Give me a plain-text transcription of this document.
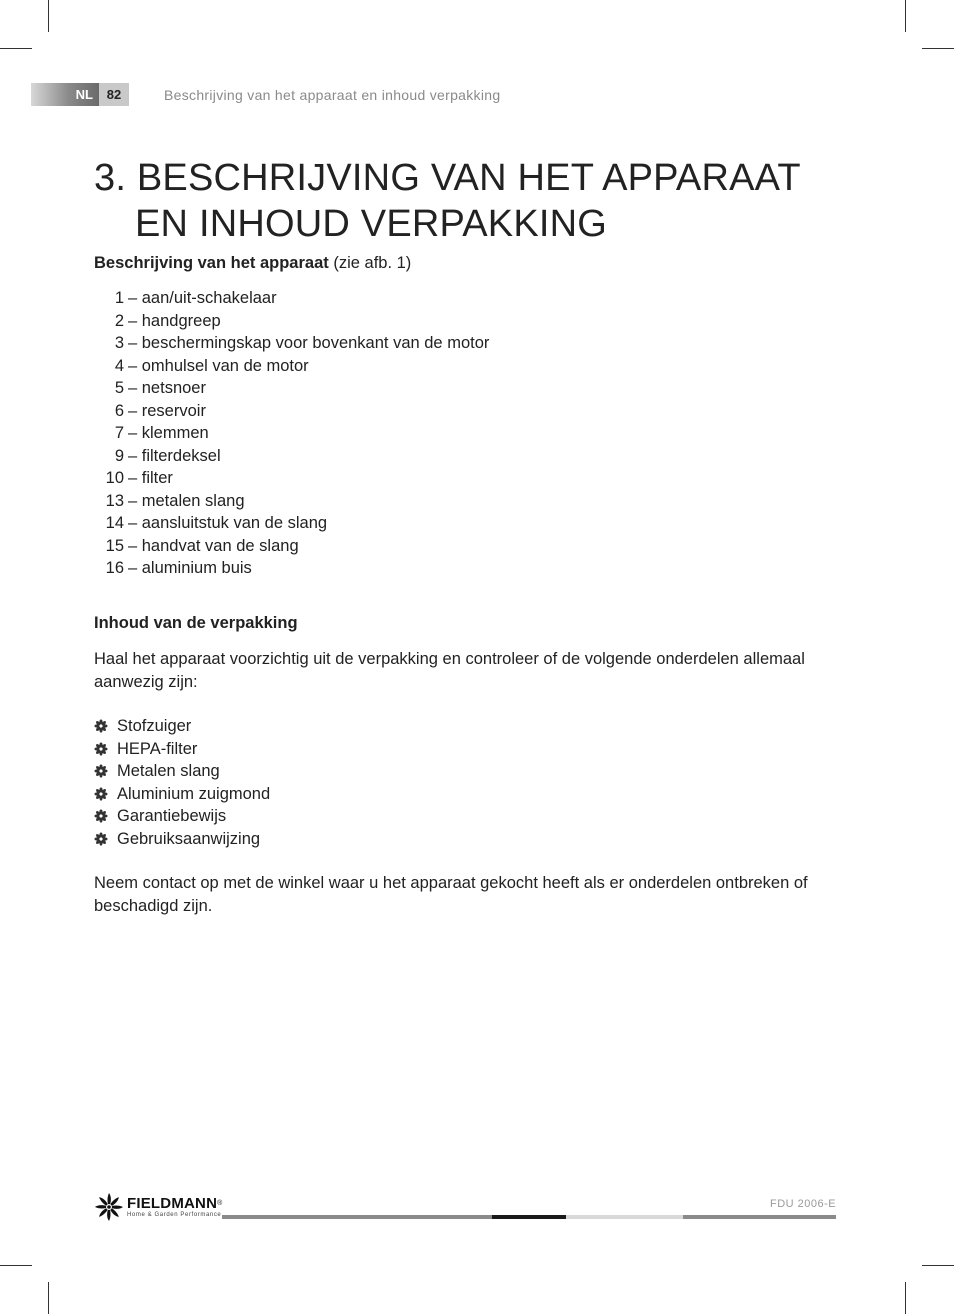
NL	82	Beschrijving van het apparaat en inhoud verpakking
3. BESCHRIJVING VAN HET APPARAAT
EN INHOUD VERPAKKING
Beschrijving van het apparaat (zie afb. 1)
1 – aan/uit-schakelaar
2 – handgreep
3 – beschermingskap voor bovenkant van de motor
4 – omhulsel van de motor
5 – netsnoer
6 – reservoir
7 – klemmen
9 – filterdeksel
10 – filter
13 – metalen slang
14 – aansluitstuk van de slang
15 – handvat van de slang
16 – aluminium buis
Inhoud van de verpakking

Haal het apparaat voorzichtig uit de verpakking en controleer of de volgende onderdelen allemaal aanwezig zijn:

Stofzuiger
HEPA-filter
Metalen slang
Aluminium zuigmond
Garantiebewijs
Gebruiksaanwijzing

Neem contact op met de winkel waar u het apparaat gekocht heeft als er onderdelen ontbreken of beschadigd zijn.

FIELDMANN®
Home & Garden Performance
FDU 2006-E
